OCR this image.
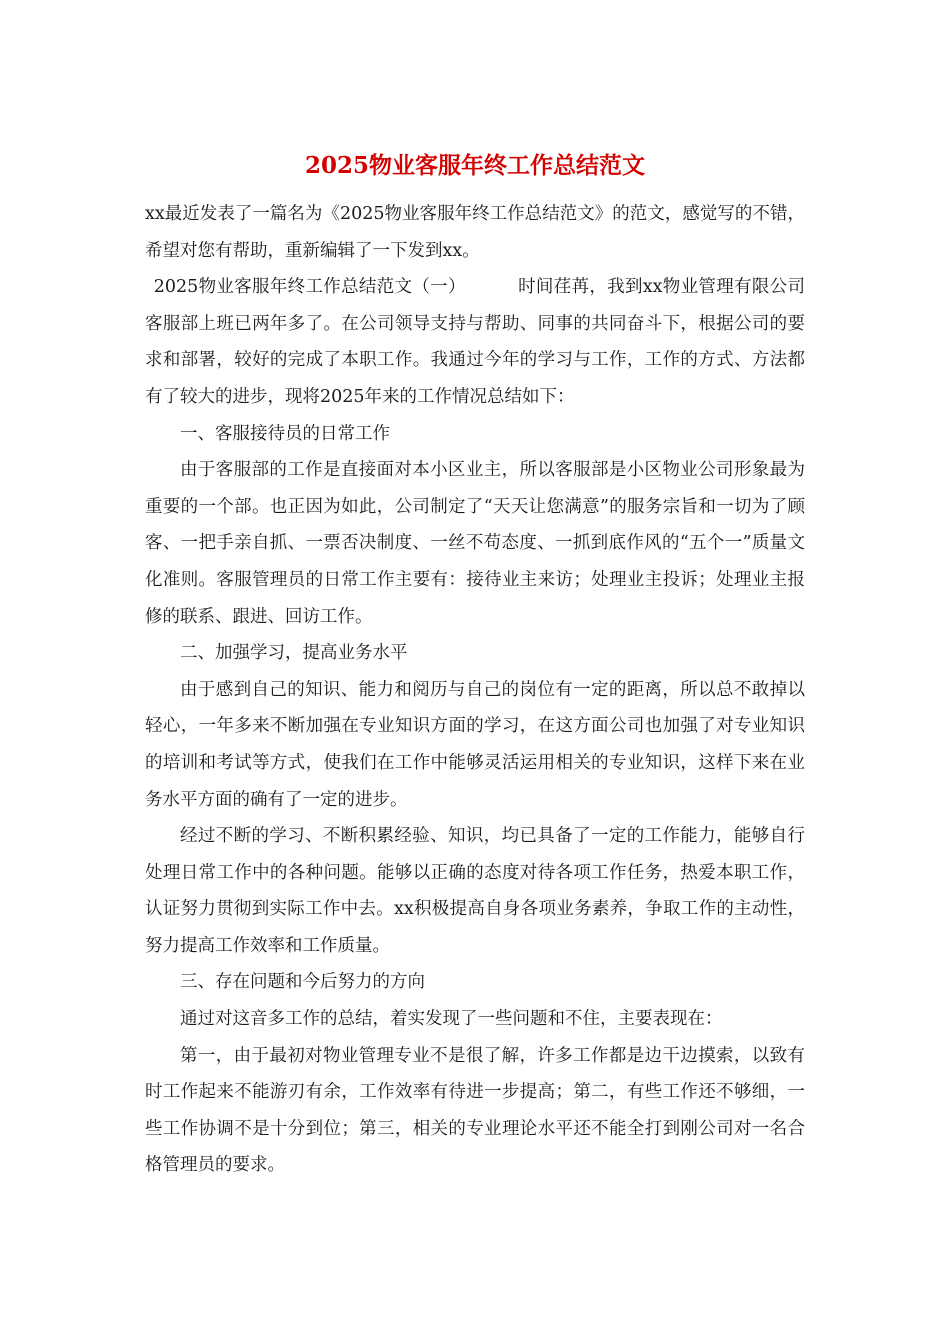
2025物业客服年终工作总结范文

xx最近发表了一篇名为《2025物业客服年终工作总结范文》的范文，感觉写的不错，希望对您有帮助，重新编辑了一下发到xx。

2025物业客服年终工作总结范文（一）	时间荏苒，我到xx物业管理有限公司客服部上班已两年多了。在公司领导支持与帮助、同事的共同奋斗下，根据公司的要求和部署，较好的完成了本职工作。我通过今年的学习与工作，工作的方式、方法都有了较大的进步，现将2025年来的工作情况总结如下：

一、客服接待员的日常工作

由于客服部的工作是直接面对本小区业主，所以客服部是小区物业公司形象最为重要的一个部。也正因为如此，公司制定了“天天让您满意”的服务宗旨和一切为了顾客、一把手亲自抓、一票否决制度、一丝不苟态度、一抓到底作风的“五个一”质量文化准则。客服管理员的日常工作主要有：接待业主来访；处理业主投诉；处理业主报修的联系、跟进、回访工作。

二、加强学习，提高业务水平

由于感到自己的知识、能力和阅历与自己的岗位有一定的距离，所以总不敢掉以轻心，一年多来不断加强在专业知识方面的学习，在这方面公司也加强了对专业知识的培训和考试等方式，使我们在工作中能够灵活运用相关的专业知识，这样下来在业务水平方面的确有了一定的进步。

经过不断的学习、不断积累经验、知识，均已具备了一定的工作能力，能够自行处理日常工作中的各种问题。能够以正确的态度对待各项工作任务，热爱本职工作，认证努力贯彻到实际工作中去。xx积极提高自身各项业务素养，争取工作的主动性，努力提高工作效率和工作质量。

三、存在问题和今后努力的方向

通过对这音多工作的总结，着实发现了一些问题和不住，主要表现在：

第一，由于最初对物业管理专业不是很了解，许多工作都是边干边摸索，以致有时工作起来不能游刃有余，工作效率有待进一步提高；第二，有些工作还不够细，一些工作协调不是十分到位；第三，相关的专业理论水平还不能全打到刚公司对一名合格管理员的要求。
